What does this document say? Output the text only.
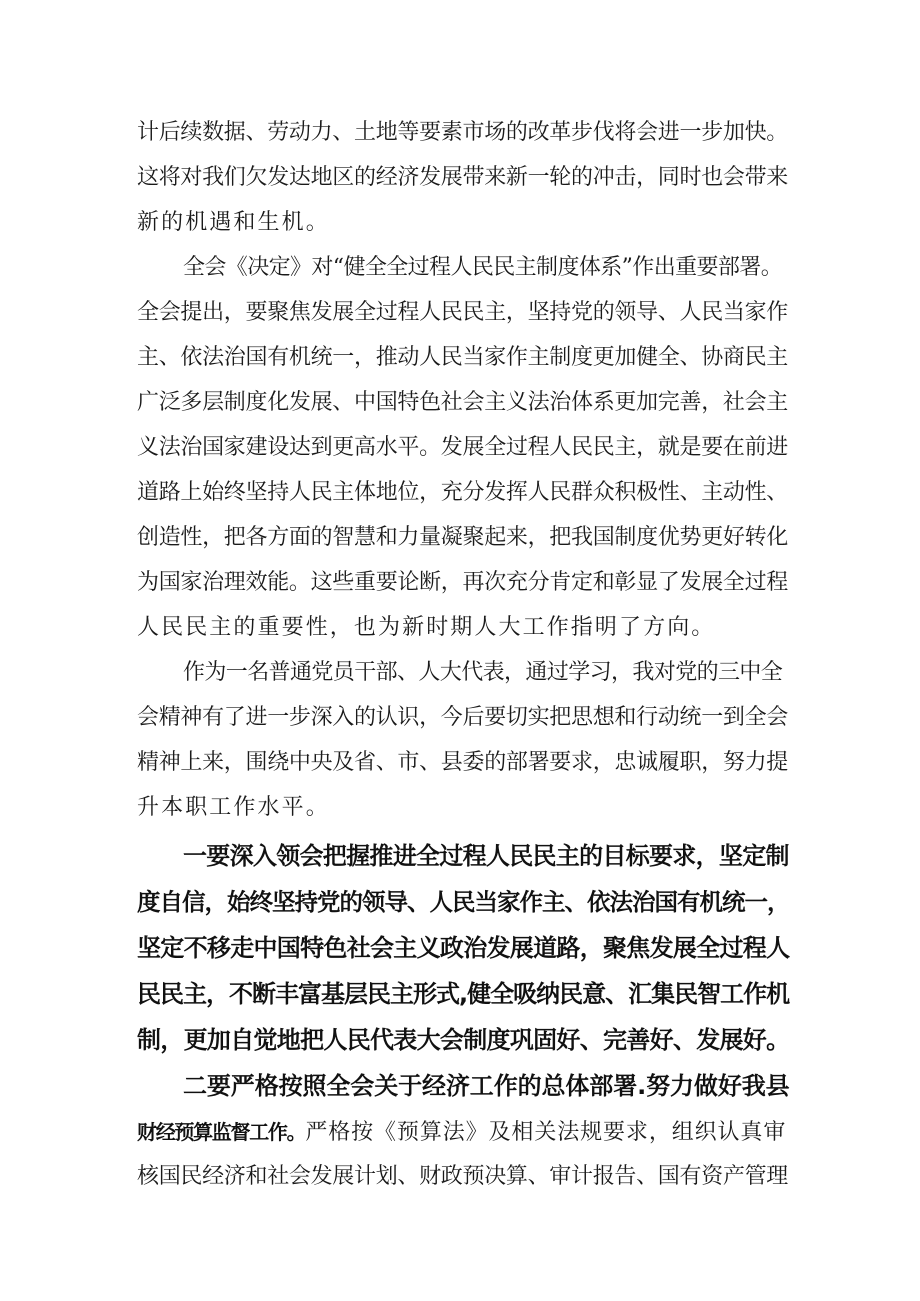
计后续数据、劳动力、土地等要素市场的改革步伐将会进一步加快。
这将对我们欠发达地区的经济发展带来新一轮的冲击，同时也会带来
新的机遇和生机。
全会《决定》对“健全全过程人民民主制度体系”作出重要部署。
全会提出，要聚焦发展全过程人民民主，坚持党的领导、人民当家作
主、依法治国有机统一，推动人民当家作主制度更加健全、协商民主
广泛多层制度化发展、中国特色社会主义法治体系更加完善，社会主
义法治国家建设达到更高水平。发展全过程人民民主，就是要在前进
道路上始终坚持人民主体地位，充分发挥人民群众积极性、主动性、
创造性，把各方面的智慧和力量凝聚起来，把我国制度优势更好转化
为国家治理效能。这些重要论断，再次充分肯定和彰显了发展全过程
人民民主的重要性，也为新时期人大工作指明了方向。
作为一名普通党员干部、人大代表，通过学习，我对党的三中全
会精神有了进一步深入的认识，今后要切实把思想和行动统一到全会
精神上来，围绕中央及省、市、县委的部署要求，忠诚履职，努力提
升本职工作水平。
一要深入领会把握推进全过程人民民主的目标要求，坚定制
度自信，始终坚持党的领导、人民当家作主、依法治国有机统一，
坚定不移走中国特色社会主义政治发展道路，聚焦发展全过程人
民民主，不断丰富基层民主形式,健全吸纳民意、汇集民智工作机
制，更加自觉地把人民代表大会制度巩固好、完善好、发展好。
二要严格按照全会关于经济工作的总体部署.努力做好我县
财经预算监督工作。严格按《预算法》及相关法规要求，组织认真审
核国民经济和社会发展计划、财政预决算、审计报告、国有资产管理
